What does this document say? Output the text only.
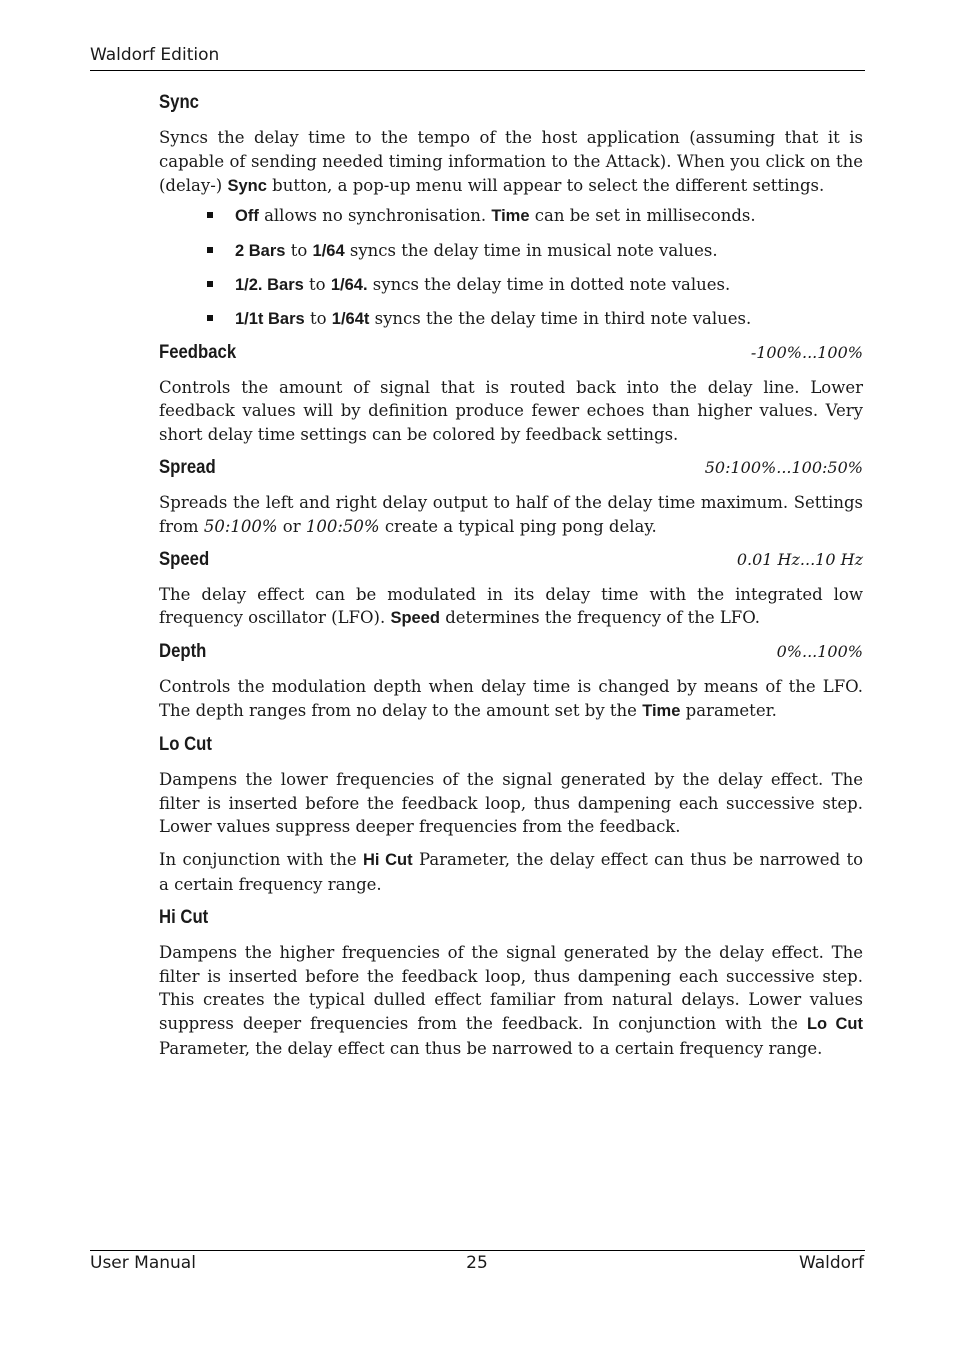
Waldorf Edition
Sync

Syncs the delay time to the tempo of the host application (assuming that it is capable of sending needed timing information to the Attack). When you click on the (delay-) Sync button, a pop-up menu will appear to select the different settings.

Off allows no synchronisation. Time can be set in milliseconds.
2 Bars to 1/64 syncs the delay time in musical note values.
1/2. Bars to 1/64. syncs the delay time in dotted note values.
1/1t Bars to 1/64t syncs the the delay time in third note values.
Feedback	-100%...100%

Controls the amount of signal that is routed back into the delay line. Lower feedback values will by definition produce fewer echoes than higher values. Very short delay time settings can be colored by feedback settings.

Spread	50:100%...100:50%

Spreads the left and right delay output to half of the delay time maximum. Settings from 50:100% or 100:50% create a typical ping pong delay.

Speed	0.01 Hz...10 Hz

The delay effect can be modulated in its delay time with the integrated low frequency oscillator (LFO). Speed determines the frequency of the LFO.

Depth	0%...100%

Controls the modulation depth when delay time is changed by means of the LFO. The depth ranges from no delay to the amount set by the Time parameter.

Lo Cut

Dampens the lower frequencies of the signal generated by the delay effect. The filter is inserted before the feedback loop, thus dampening each successive step. Lower values suppress deeper frequencies from the feedback.

In conjunction with the Hi Cut Parameter, the delay effect can thus be narrowed to a certain frequency range.

Hi Cut

Dampens the higher frequencies of the signal generated by the delay effect. The filter is inserted before the feedback loop, thus dampening each successive step. This creates the typical dulled effect familiar from natural delays. Lower values suppress deeper frequencies from the feedback. In conjunction with the Lo Cut Parameter, the delay effect can thus be narrowed to a certain frequency range.

User Manual	25	Waldorf
